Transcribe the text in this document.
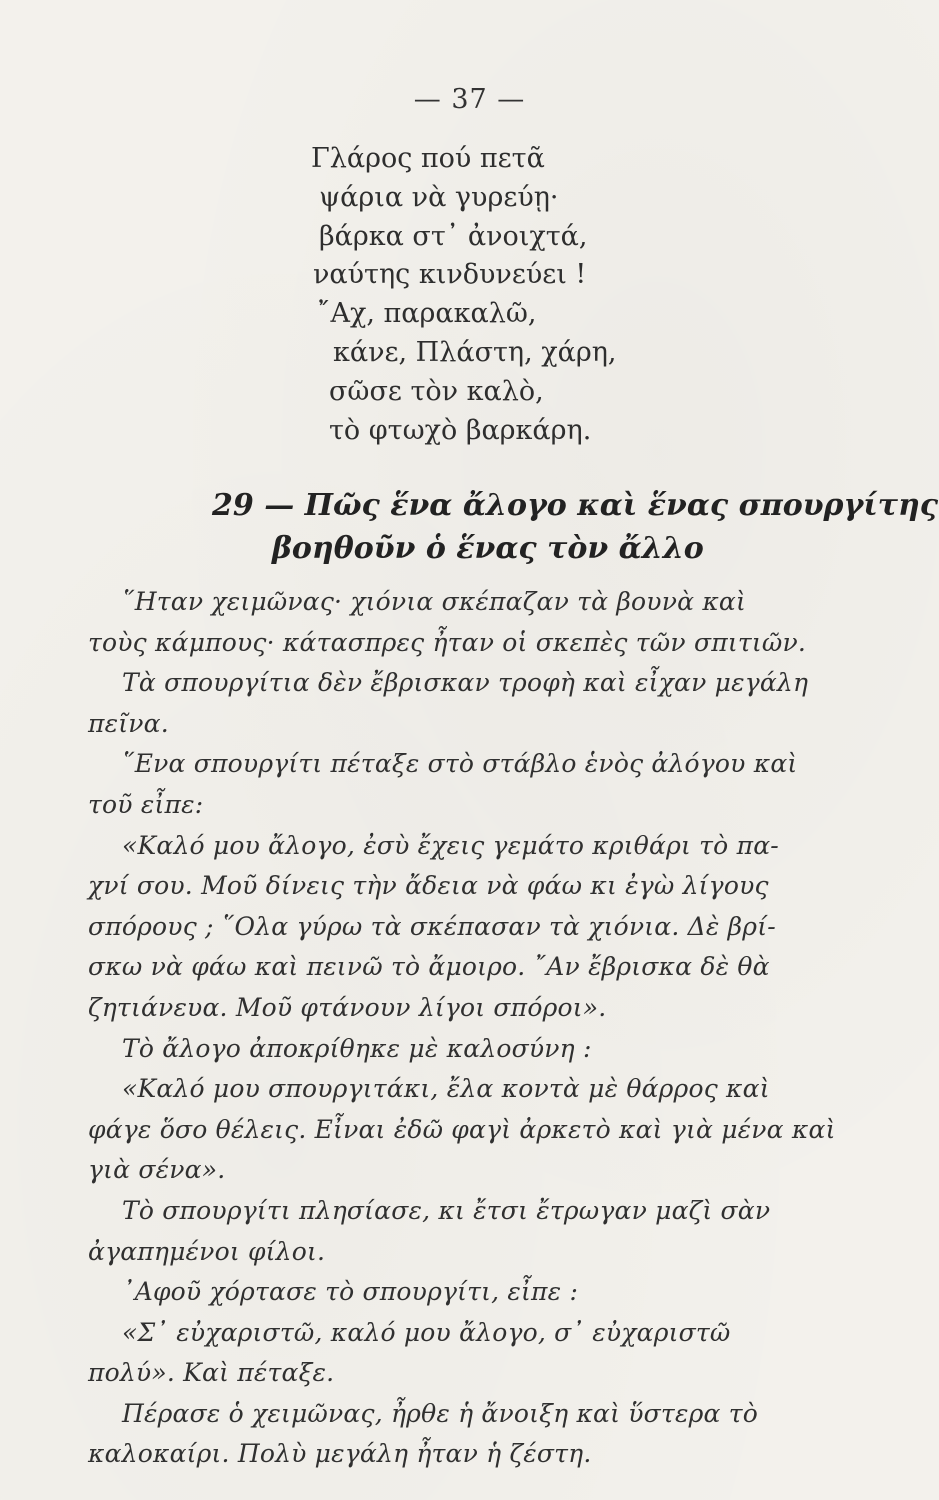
— 37 —
Γλάρος πού πετᾶ
ψάρια νὰ γυρεύῃ·
βάρκα στ᾽ ἀνοιχτά,
ναύτης κινδυνεύει !
῎Αχ, παρακαλῶ,
κάνε, Πλάστη, χάρη,
σῶσε τὸν καλὸ,
τὸ φτωχὸ βαρκάρη.
29 — Πῶς ἕνα ἄλογο καὶ ἕνας σπουργίτης
βοηθοῦν ὁ ἕνας τὸν ἄλλο
῞Ηταν χειμῶνας· χιόνια σκέπαζαν τὰ βουνὰ καὶ
τοὺς κάμπους· κάτασπρες ἦταν οἱ σκεπὲς τῶν σπιτιῶν.
Τὰ σπουργίτια δὲν ἔβρισκαν τροφὴ καὶ εἶχαν μεγάλη
πεῖνα.
῞Ενα σπουργίτι πέταξε στὸ στάβλο ἑνὸς ἀλόγου καὶ
τοῦ εἶπε:
«Καλό μου ἄλογο, ἐσὺ ἔχεις γεμάτο κριθάρι τὸ πα-
χνί σου. Μοῦ δίνεις τὴν ἄδεια νὰ φάω κι ἐγὼ λίγους
σπόρους ; ῞Ολα γύρω τὰ σκέπασαν τὰ χιόνια. Δὲ βρί-
σκω νὰ φάω καὶ πεινῶ τὸ ἄμοιρο. ῎Αν ἔβρισκα δὲ θὰ
ζητιάνευα. Μοῦ φτάνουν λίγοι σπόροι».
Τὸ ἄλογο ἀποκρίθηκε μὲ καλοσύνη :
«Καλό μου σπουργιτάκι, ἔλα κοντὰ μὲ θάρρος καὶ
φάγε ὅσο θέλεις. Εἶναι ἐδῶ φαγὶ ἀρκετὸ καὶ γιὰ μένα καὶ
γιὰ σένα».
Τὸ σπουργίτι πλησίασε, κι ἔτσι ἔτρωγαν μαζὶ σὰν
ἀγαπημένοι φίλοι.
᾿Αφοῦ χόρτασε τὸ σπουργίτι, εἶπε :
«Σ᾽ εὐχαριστῶ, καλό μου ἄλογο, σ᾽ εὐχαριστῶ
πολύ». Καὶ πέταξε.
Πέρασε ὁ χειμῶνας, ἦρθε ἡ ἄνοιξη καὶ ὕστερα τὸ
καλοκαίρι. Πολὺ μεγάλη ἦταν ἡ ζέστη.
